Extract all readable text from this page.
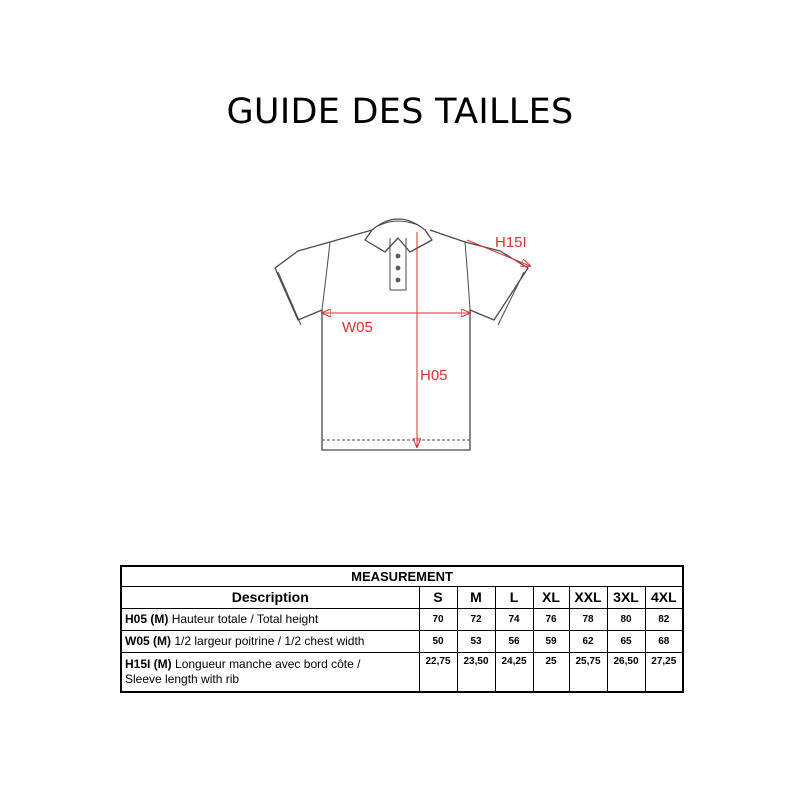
GUIDE DES TAILLES
H15I
W05
H05
MEASUREMENT							
Description	S	M	L	XL	XXL	3XL	4XL
H05 (M) Hauteur totale / Total height	70	72	74	76	78	80	82
W05 (M) 1/2 largeur poitrine / 1/2 chest width	50	53	56	59	62	65	68
H15I (M) Longueur manche avec bord côte /
Sleeve length with rib	22,75	23,50	24,25	25	25,75	26,50	27,25
